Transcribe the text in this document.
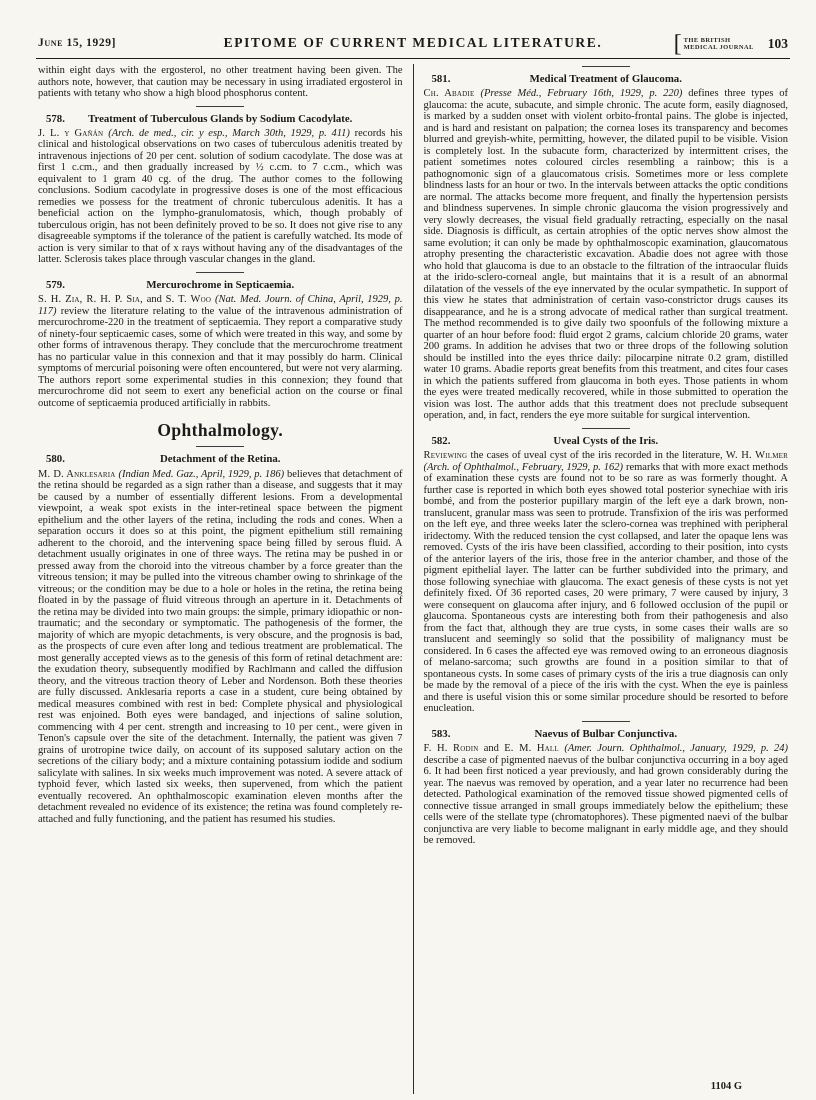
June 15, 1929]	EPITOME OF CURRENT MEDICAL LITERATURE.	[ THE BRITISH
MEDICAL JOURNAL 103

within eight days with the ergosterol, no other treatment having been given. The authors note, however, that caution may be necessary in using irradiated ergosterol in patients with tetany who show a high blood phosphorus content.

578. Treatment of Tuberculous Glands by Sodium Cacodylate.

J. L. y Gañán (Arch. de med., cir. y esp., March 30th, 1929, p. 411) records his clinical and histological observations on two cases of tuberculous adenitis treated by intravenous injections of 20 per cent. solution of sodium cacodylate. The dose was at first 1 c.cm., and then gradually increased by ½ c.cm. to 7 c.cm., which was equivalent to 1 gram 40 cg. of the drug. The author comes to the following conclusions. Sodium cacodylate in progressive doses is one of the most efficacious remedies we possess for the treatment of chronic tuberculous adenitis. It has a beneficial action on the lympho-granulomatosis, which, though probably of tuberculous origin, has not been definitely proved to be so. It does not give rise to any disagreeable symptoms if the tolerance of the patient is carefully watched. Its mode of action is very similar to that of x rays without having any of the disadvantages of the latter. Sclerosis takes place through vascular changes in the gland.

579.	Mercurochrome in Septicaemia.

S. H. Zia, R. H. P. Sia, and S. T. Woo (Nat. Med. Journ. of China, April, 1929, p. 117) review the literature relating to the value of the intravenous administration of mercurochrome-220 in the treatment of septicaemia. They report a comparative study of ninety-four septicaemic cases, some of which were treated in this way, and some by other forms of intravenous therapy. They conclude that the mercurochrome treatment has no particular value in this connexion and that it may possibly do harm. Clinical symptoms of mercurial poisoning were often encountered, but were not very alarming. The authors report some experimental studies in this connexion; they found that mercurochrome did not seem to exert any beneficial action on the course or final outcome of septicaemia produced artificially in rabbits.

Ophthalmology.
580.	Detachment of the Retina.

M. D. Anklesaria (Indian Med. Gaz., April, 1929, p. 186) believes that detachment of the retina should be regarded as a sign rather than a disease, and suggests that it may be caused by a number of essentially different lesions. From a developmental viewpoint, a weak spot exists in the inter-retineal space between the pigment epithelium and the other layers of the retina, including the rods and cones. When a separation occurs it does so at this point, the pigment epithelium still remaining adherent to the choroid, and the intervening space being filled by serous fluid. A detachment usually originates in one of three ways. The retina may be pushed in or pressed away from the choroid into the vitreous chamber by a force greater than the vitreous tension; it may be pulled into the vitreous chamber owing to shrinkage of the vitreous; or the condition may be due to a hole or holes in the retina, the retina being floated in by the passage of fluid vitreous through an aperture in it. Detachments of the retina may be divided into two main groups: the simple, primary idiopathic or non-traumatic; and the secondary or symptomatic. The pathogenesis of the former, the majority of which are myopic detachments, is very obscure, and the prognosis is bad, as the prospects of cure even after long and tedious treatment are problematical. The most generally accepted views as to the genesis of this form of retinal detachment are: the exudation theory, subsequently modified by Rachlmann and called the diffusion theory, and the vitreous traction theory of Leber and Nordenson. Both these theories are fully discussed. Anklesaria reports a case in a student, cure being obtained by medical measures combined with rest in bed: Complete physical and physiological rest was enjoined. Both eyes were bandaged, and injections of saline solution, commencing with 4 per cent. strength and increasing to 10 per cent., were given in Tenon's capsule over the site of the detachment. Internally, the patient was given 7 grains of urotropine twice daily, on account of its supposed salutary action on the secretions of the ciliary body; and a mixture containing potassium iodide and sodium salicylate with salines. In six weeks much improvement was noted. A severe attack of typhoid fever, which lasted six weeks, then supervened, from which the patient eventually recovered. An ophthalmoscopic examination eleven months after the detachment revealed no evidence of its existence; the retina was found completely re-attached and fully functioning, and the patient has resumed his studies.

581.	Medical Treatment of Glaucoma.

Ch. Abadie (Presse Méd., February 16th, 1929, p. 220) defines three types of glaucoma: the acute, subacute, and simple chronic. The acute form, easily diagnosed, is marked by a sudden onset with violent orbito-frontal pains. The globe is injected, and is hard and resistant on palpation; the cornea loses its transparency and becomes blurred and greyish-white, permitting, however, the dilated pupil to be visible. Vision is completely lost. In the subacute form, characterized by intermittent crises, the patient sometimes notes coloured circles resembling a rainbow; this is a pathognomonic sign of a glaucomatous crisis. Sometimes more or less complete blindness lasts for an hour or two. In the intervals between attacks the optic conditions are normal. The attacks become more frequent, and finally the hypertension persists and blindness supervenes. In simple chronic glaucoma the vision progressively and very slowly decreases, the visual field gradually retracting, especially on the nasal side. Diagnosis is difficult, as certain atrophies of the optic nerves show almost the same evolution; it can only be made by ophthalmoscopic examination, glaucomatous atrophy presenting the characteristic excavation. Abadie does not agree with those who hold that glaucoma is due to an obstacle to the filtration of the intraocular fluids at the irido-sclero-corneal angle, but maintains that it is a result of an abnormal dilatation of the vessels of the eye innervated by the ocular sympathetic. In support of this view he states that administration of certain vaso-constrictor drugs causes its disappearance, and he is a strong advocate of medical rather than surgical treatment. The method recommended is to give daily two spoonfuls of the following mixture a quarter of an hour before food: fluid ergot 2 grams, calcium chloride 20 grams, water 200 grams. In addition he advises that two or three drops of the following solution should be instilled into the eyes thrice daily: pilocarpine nitrate 0.2 gram, distilled water 10 grams. Abadie reports great benefits from this treatment, and cites four cases in which the patients suffered from glaucoma in both eyes. Those patients in whom the eyes were treated medically recovered, while in those submitted to operation the vision was lost. The author adds that this treatment does not preclude subsequent operation, and, in fact, renders the eye more suitable for surgical intervention.

582.	Uveal Cysts of the Iris.

Reviewing the cases of uveal cyst of the iris recorded in the literature, W. H. Wilmer (Arch. of Ophthalmol., February, 1929, p. 162) remarks that with more exact methods of examination these cysts are found not to be so rare as was formerly thought. A further case is reported in which both eyes showed total posterior synechiae with iris bombé, and from the posterior pupillary margin of the left eye a dark brown, non-translucent, granular mass was seen to protrude. Transfixion of the iris was performed on the left eye, and three weeks later the sclero-cornea was trephined with peripheral iridectomy. With the reduced tension the cyst collapsed, and later the opaque lens was removed. Cysts of the iris have been classified, according to their position, into cysts of the anterior layers of the iris, those free in the anterior chamber, and those of the pigment epithelial layer. The latter can be further subdivided into the primary, and those following synechiae with glaucoma. The exact genesis of these cysts is not yet definitely fixed. Of 36 reported cases, 20 were primary, 7 were caused by injury, 3 were consequent on glaucoma after injury, and 6 followed occlusion of the pupil or glaucoma. Spontaneous cysts are interesting both from their pathogenesis and also from the fact that, although they are true cysts, in some cases their walls are so translucent and seemingly so solid that the possibility of malignancy must be considered. In 6 cases the affected eye was removed owing to an erroneous diagnosis of melano-sarcoma; such growths are found in a position similar to that of spontaneous cysts. In some cases of primary cysts of the iris a true diagnosis can only be made by the removal of a piece of the iris with the cyst. When the eye is painless and there is useful vision this or some similar procedure should be resorted to before enucleation.

583.	Naevus of Bulbar Conjunctiva.

F. H. Rodin and E. M. Hall (Amer. Journ. Ophthalmol., January, 1929, p. 24) describe a case of pigmented naevus of the bulbar conjunctiva occurring in a boy aged 6. It had been first noticed a year previously, and had grown considerably during the year. The naevus was removed by operation, and a year later no recurrence had been detected. Pathological examination of the removed tissue showed pigmented cells of connective tissue arranged in small groups immediately below the epithelium; these cells were of the stellate type (chromatophores). These pigmented naevi of the bulbar conjunctiva are very liable to become malignant in early middle age, and they should be removed.

1104 G
